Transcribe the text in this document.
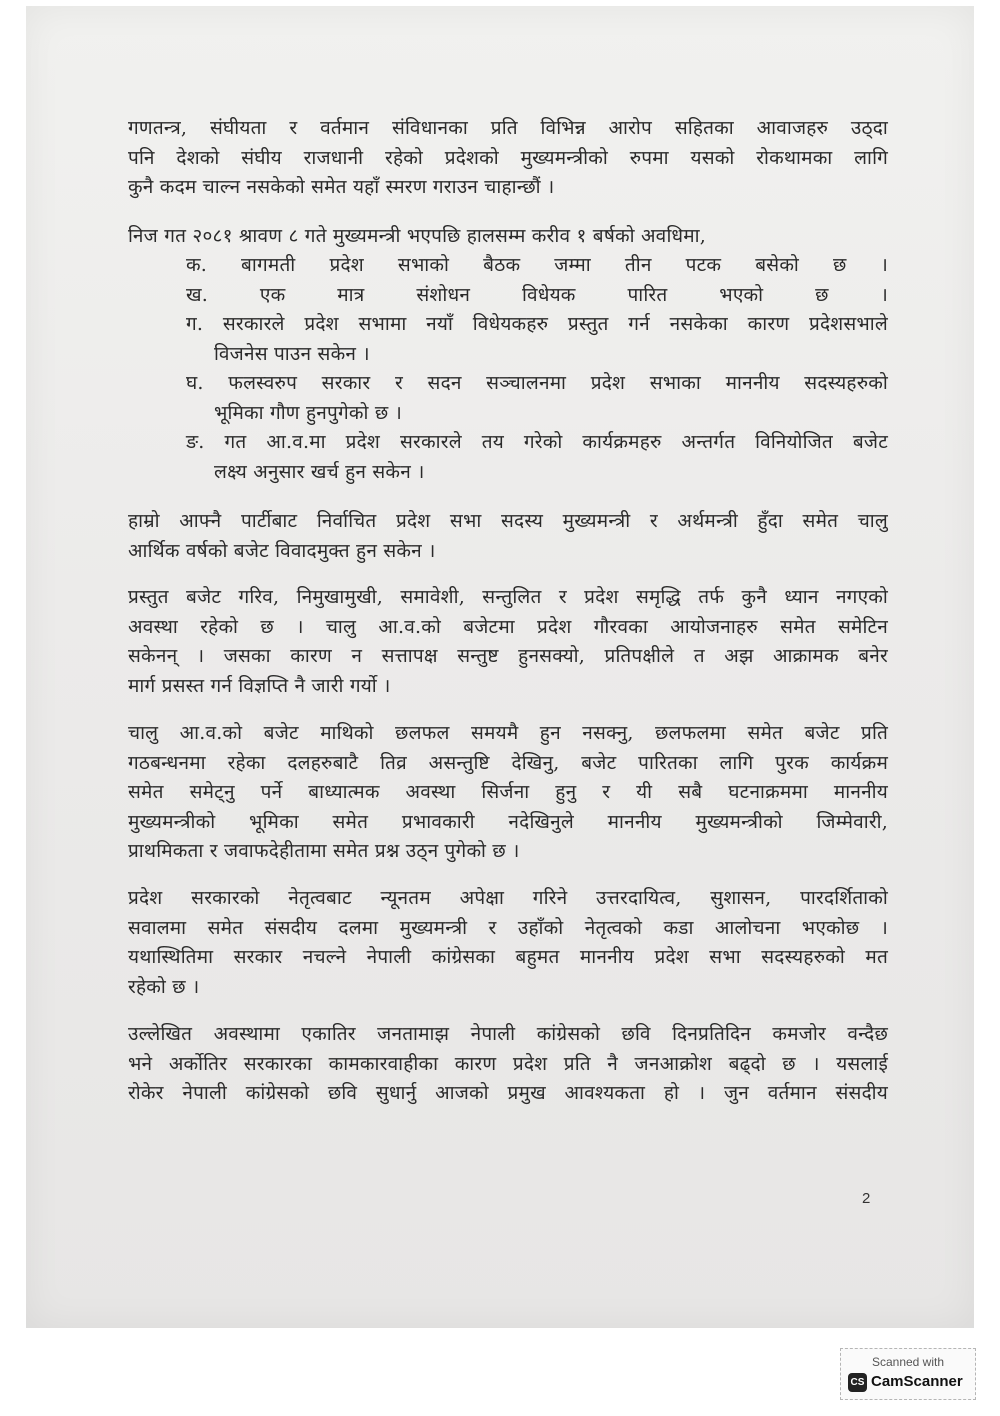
गणतन्त्र, संघीयता र वर्तमान संविधानका प्रति विभिन्न आरोप सहितका आवाजहरु उठ्दा
पनि देशको संघीय राजधानी रहेको प्रदेशको मुख्यमन्त्रीको रुपमा यसको रोकथामका लागि
कुनै कदम चाल्न नसकेको समेत यहाँ स्मरण गराउन चाहान्छौं ।
निज गत २०८१ श्रावण ८ गते मुख्यमन्त्री भएपछि हालसम्म करीव १ बर्षको अवधिमा,
क. बागमती प्रदेश सभाको बैठक जम्मा तीन पटक बसेको छ ।
ख. एक मात्र संशोधन विधेयक पारित भएको छ ।
ग. सरकारले प्रदेश सभामा नयाँ विधेयकहरु प्रस्तुत गर्न नसकेका कारण प्रदेशसभाले
विजनेस पाउन सकेन ।
घ. फलस्वरुप सरकार र सदन सञ्चालनमा प्रदेश सभाका माननीय सदस्यहरुको
भूमिका गौण हुनपुगेको छ ।
ङ. गत आ.व.मा प्रदेश सरकारले तय गरेको कार्यक्रमहरु अन्तर्गत विनियोजित बजेट
लक्ष्य अनुसार खर्च हुन सकेन ।
हाम्रो आफ्नै पार्टीबाट निर्वाचित प्रदेश सभा सदस्य मुख्यमन्त्री र अर्थमन्त्री हुँदा समेत चालु
आर्थिक वर्षको बजेट विवादमुक्त हुन सकेन ।
प्रस्तुत बजेट गरिव, निमुखामुखी, समावेशी, सन्तुलित र प्रदेश समृद्धि तर्फ कुनै ध्यान नगएको
अवस्था रहेको छ । चालु आ.व.को बजेटमा प्रदेश गौरवका आयोजनाहरु समेत समेटिन
सकेनन् । जसका कारण न सत्तापक्ष सन्तुष्ट हुनसक्यो, प्रतिपक्षीले त अझ आक्रामक बनेर
मार्ग प्रसस्त गर्न विज्ञप्ति नै जारी गर्यो ।
चालु आ.व.को बजेट माथिको छलफल समयमै हुन नसक्नु, छलफलमा समेत बजेट प्रति
गठबन्धनमा रहेका दलहरुबाटै तिव्र असन्तुष्टि देखिनु, बजेट पारितका लागि पुरक कार्यक्रम
समेत समेट्नु पर्ने बाध्यात्मक अवस्था सिर्जना हुनु र यी सबै घटनाक्रममा माननीय
मुख्यमन्त्रीको भूमिका समेत प्रभावकारी नदेखिनुले माननीय मुख्यमन्त्रीको जिम्मेवारी,
प्राथमिकता र जवाफदेहीतामा समेत प्रश्न उठ्न पुगेको छ ।
प्रदेश सरकारको नेतृत्वबाट न्यूनतम अपेक्षा गरिने उत्तरदायित्व, सुशासन, पारदर्शिताको
सवालमा समेत संसदीय दलमा मुख्यमन्त्री र उहाँको नेतृत्वको कडा आलोचना भएकोछ ।
यथास्थितिमा सरकार नचल्ने नेपाली कांग्रेसका बहुमत माननीय प्रदेश सभा सदस्यहरुको मत
रहेको छ ।
उल्लेखित अवस्थामा एकातिर जनतामाझ नेपाली कांग्रेसको छवि दिनप्रतिदिन कमजोर वन्दैछ
भने अर्कोतिर सरकारका कामकारवाहीका कारण प्रदेश प्रति नै जनआक्रोश बढ्दो छ । यसलाई
रोकेर नेपाली कांग्रेसको छवि सुधार्नु आजको प्रमुख आवश्यकता हो । जुन वर्तमान संसदीय
2
Scanned with
CS CamScanner
